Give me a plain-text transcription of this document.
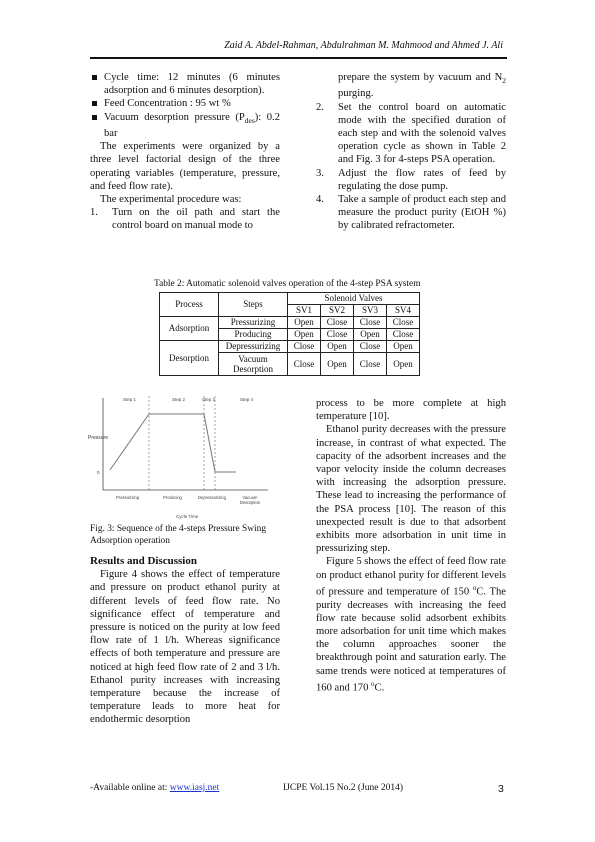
Zaid A. Abdel-Rahman, Abdulrahman M. Mahmood and Ahmed J. Ali
Cycle time: 12 minutes (6 minutes adsorption and 6 minutes desorption).
Feed Concentration : 95 wt %
Vacuum desorption pressure $(P_{des})$: 0.2 bar

The experiments were organized by a three level factorial design of the three operating variables (temperature, pressure, and feed flow rate).

The experimental procedure was:

1. Turn on the oil path and start the control board on manual mode to
prepare the system by vacuum and $N_2$ purging.
2. Set the control board on automatic mode with the specified duration of each step and with the solenoid valves operation cycle as shown in Table 2 and Fig. 3 for 4-steps PSA operation.
3. Adjust the flow rates of feed by regulating the dose pump.
4. Take a sample of product each step and measure the product purity (EtOH %) by calibrated refractometer.
Table 2: Automatic solenoid valves operation of the 4-step PSA system
Process	Steps	Solenoid Valves			
		SV1	SV2	SV3	SV4
Adsorption	Pressurizing	Open	Close	Close	Close
	Producing	Open	Close	Open	Close
Desorption	Depressurizing	Close	Open	Close	Open
	Vacuum Desorption	Close	Open	Close	Open
Step 1	Step 2	Step 3	Step 4
Pressure
0
Pressurizing	Producing	Depressurizing	Vacuum Desorption
Cycle Time
Fig. 3: Sequence of the 4-steps Pressure Swing Adsorption operation
Results and Discussion

Figure 4 shows the effect of temperature and pressure on product ethanol purity at different levels of feed flow rate. No significance effect of temperature and pressure is noticed on the purity at low feed flow rate of 1 l/h. Whereas significance effects of both temperature and pressure are noticed at high feed flow rate of 2 and 3 l/h. Ethanol purity increases with increasing temperature because the increase of temperature leads to more heat for endothermic desorption

process to be more complete at high temperature [10].

Ethanol purity decreases with the pressure increase, in contrast of what expected. The capacity of the adsorbent increases and the vapor velocity inside the column decreases with increasing the adsorption pressure. These lead to increasing the performance of the PSA process [10]. The reason of this unexpected result is due to that adsorbent exhibits more adsorbation in unit time in pressurizing step.

Figure 5 shows the effect of feed flow rate on product ethanol purity for different levels of pressure and temperature of 150 $^o$C. The purity decreases with increasing the feed flow rate because solid adsorbent exhibits more adsorbation for unit time which makes the column approaches sooner the breakthrough point and saturation early. The same trends were noticed at temperatures of 160 and 170 $^o$C.

-Available online at: www.iasj.net	IJCPE Vol.15 No.2 (June 2014)	3
